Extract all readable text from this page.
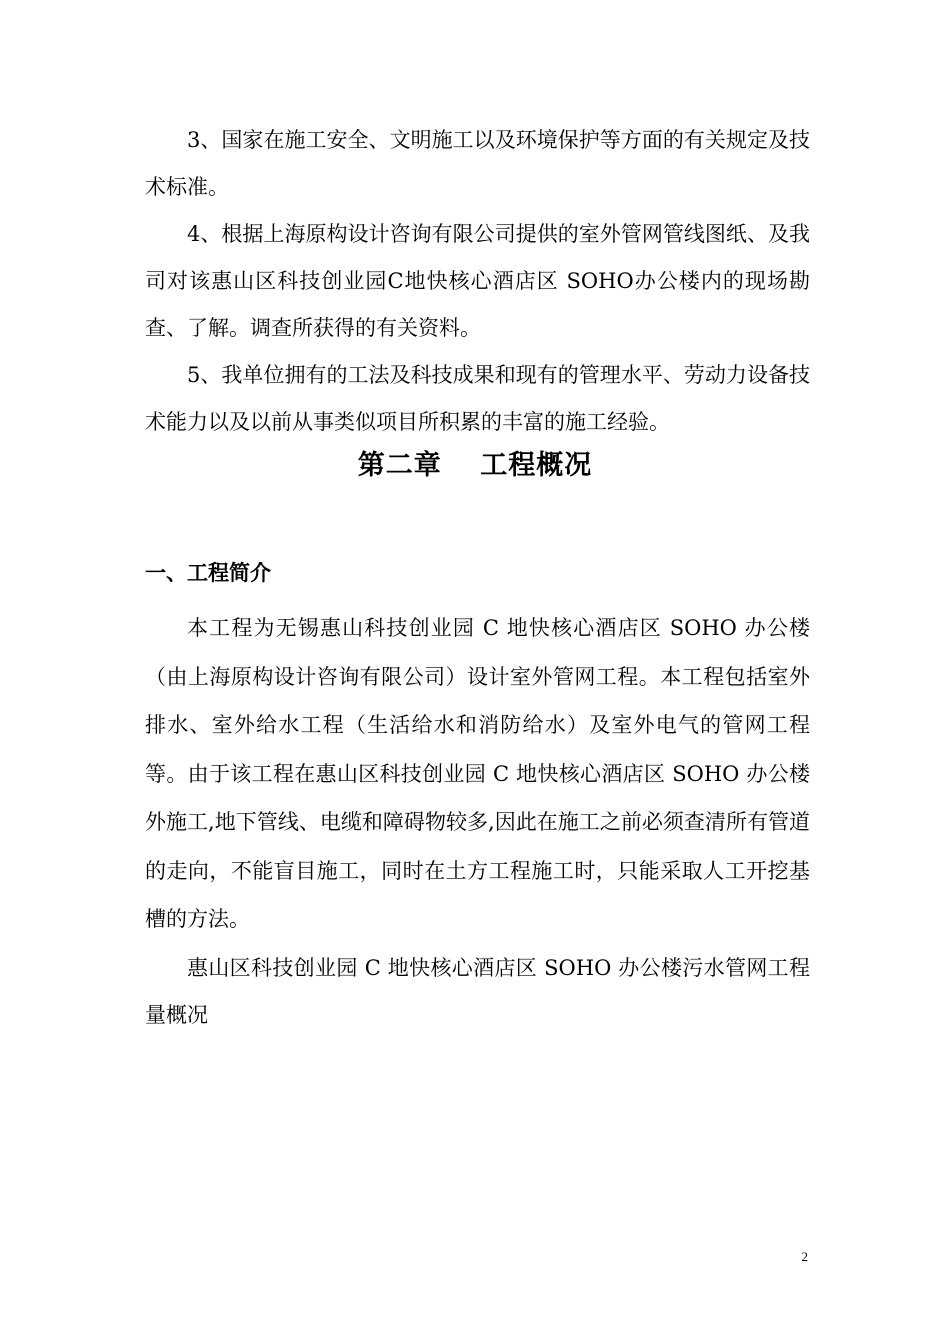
3、国家在施工安全、文明施工以及环境保护等方面的有关规定及技术标准。

4、根据上海原构设计咨询有限公司提供的室外管网管线图纸、及我司对该惠山区科技创业园C地快核心酒店区 SOHO办公楼内的现场勘查、了解。调查所获得的有关资料。

5、我单位拥有的工法及科技成果和现有的管理水平、劳动力设备技术能力以及以前从事类似项目所积累的丰富的施工经验。

第二章　 工程概况
一、工程简介

本工程为无锡惠山科技创业园 C 地快核心酒店区 SOHO 办公楼（由上海原构设计咨询有限公司）设计室外管网工程。本工程包括室外排水、室外给水工程（生活给水和消防给水）及室外电气的管网工程等。由于该工程在惠山区科技创业园 C 地快核心酒店区 SOHO 办公楼外施工,地下管线、电缆和障碍物较多,因此在施工之前必须查清所有管道的走向，不能盲目施工，同时在土方工程施工时，只能采取人工开挖基槽的方法。

惠山区科技创业园 C 地快核心酒店区 SOHO 办公楼污水管网工程量概况

2
